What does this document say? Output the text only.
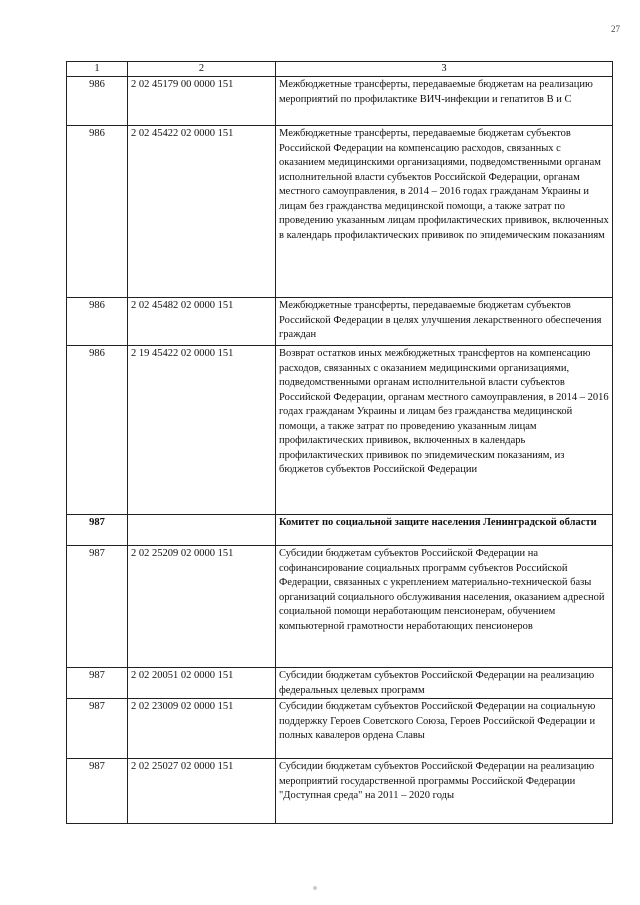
27
1	2	3
986	2 02 45179 00 0000 151	Межбюджетные трансферты, передаваемые бюджетам на реализацию мероприятий по профилактике ВИЧ-инфекции и гепатитов В и С
986	2 02 45422 02 0000 151	Межбюджетные трансферты, передаваемые бюджетам субъектов Российской Федерации на компенсацию расходов, связанных с оказанием медицинскими организациями, подведомственными органам исполнительной власти субъектов Российской Федерации, органам местного самоуправления, в 2014 – 2016 годах гражданам Украины и лицам без гражданства медицинской помощи, а также затрат по проведению указанным лицам профилактических прививок, включенных в календарь профилактических прививок по эпидемическим показаниям
986	2 02 45482 02 0000 151	Межбюджетные трансферты, передаваемые бюджетам субъектов Российской Федерации в целях улучшения лекарственного обеспечения граждан
986	2 19 45422 02 0000 151	Возврат остатков иных межбюджетных трансфертов на компенсацию расходов, связанных с оказанием медицинскими организациями, подведомственными органам исполнительной власти субъектов Российской Федерации, органам местного самоуправления, в 2014 – 2016 годах гражданам Украины и лицам без гражданства медицинской помощи, а также затрат по проведению указанным лицам профилактических прививок, включенных в календарь профилактических прививок по эпидемическим показаниям, из бюджетов субъектов Российской Федерации
987		Комитет по социальной защите населения Ленинградской области
987	2 02 25209 02 0000 151	Субсидии бюджетам субъектов Российской Федерации на софинансирование социальных программ субъектов Российской Федерации, связанных с укреплением материально-технической базы организаций социального обслуживания населения, оказанием адресной социальной помощи неработающим пенсионерам, обучением компьютерной грамотности неработающих пенсионеров
987	2 02 20051 02 0000 151	Субсидии бюджетам субъектов Российской Федерации на реализацию федеральных целевых программ
987	2 02 23009 02 0000 151	Субсидии бюджетам субъектов Российской Федерации на социальную поддержку Героев Советского Союза, Героев Российской Федерации и полных кавалеров ордена Славы
987	2 02 25027 02 0000 151	Субсидии бюджетам субъектов Российской Федерации на реализацию мероприятий государственной программы Российской Федерации "Доступная среда" на 2011 – 2020 годы
